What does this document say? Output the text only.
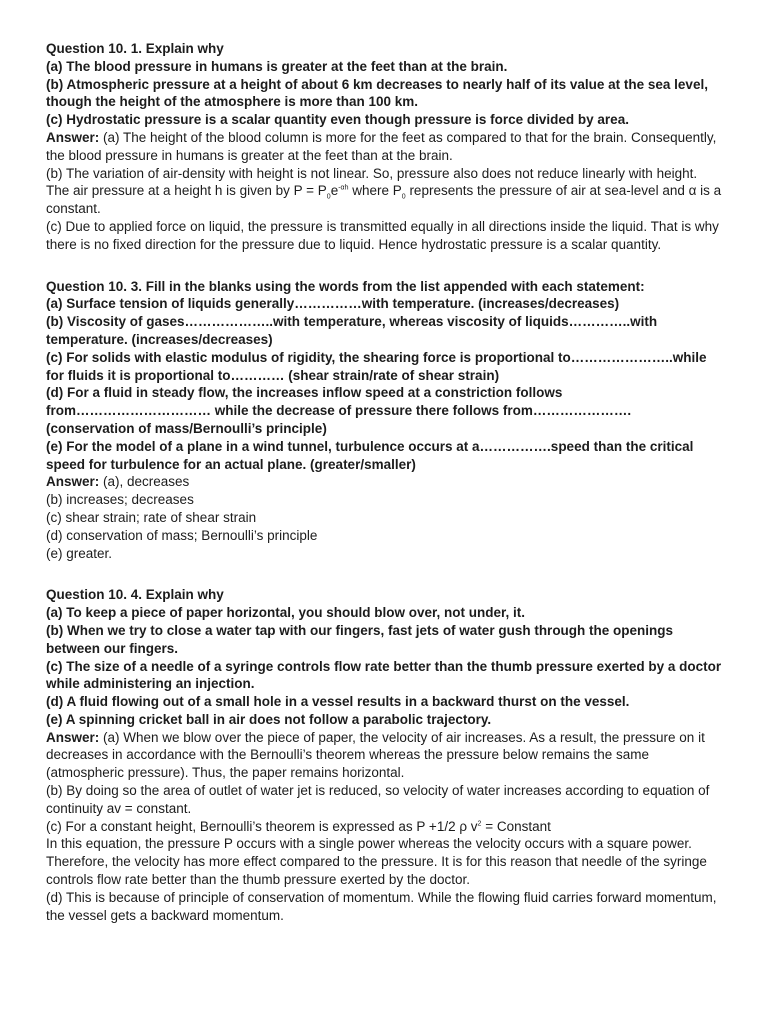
Question 10. 1. Explain why

(a) The blood pressure in humans is greater at the feet than at the brain.

(b) Atmospheric pressure at a height of about 6 km decreases to nearly half of its value at the sea level, though the height of the atmosphere is more than 100 km.

(c) Hydrostatic pressure is a scalar quantity even though pressure is force divided by area.

Answer: (a) The height of the blood column is more for the feet as compared to that for the brain. Consequently, the blood pressure in humans is greater at the feet than at the brain.

(b) The variation of air-density with height is not linear. So, pressure also does not reduce linearly with height. The air pressure at a height h is given by $P = P_0e^{-\alpha h}$ where $P_0$ represents the pressure of air at sea-level and α is a constant.

(c) Due to applied force on liquid, the pressure is transmitted equally in all directions inside the liquid. That is why there is no fixed direction for the pressure due to liquid. Hence hydrostatic pressure is a scalar quantity.

Question 10. 3. Fill in the blanks using the words from the list appended with each statement:

(a) Surface tension of liquids generally……………with temperature. (increases/decreases)

(b) Viscosity of gases………………..with temperature, whereas viscosity of liquids…………..with temperature. (increases/decreases)

(c) For solids with elastic modulus of rigidity, the shearing force is proportional to…………………..while for fluids it is proportional to………… (shear strain/rate of shear strain)

(d) For a fluid in steady flow, the increases inflow speed at a constriction follows from………………………… while the decrease of pressure there follows from…………………. (conservation of mass/Bernoulli’s principle)

(e) For the model of a plane in a wind tunnel, turbulence occurs at a…………….speed than the critical speed for turbulence for an actual plane. (greater/smaller)

Answer: (a), decreases

(b) increases; decreases

(c) shear strain; rate of shear strain

(d) conservation of mass; Bernoulli’s principle

(e) greater.

Question 10. 4. Explain why

(a) To keep a piece of paper horizontal, you should blow over, not under, it.

(b) When we try to close a water tap with our fingers, fast jets of water gush through the openings between our fingers.

(c) The size of a needle of a syringe controls flow rate better than the thumb pressure exerted by a doctor while administering an injection.

(d) A fluid flowing out of a small hole in a vessel results in a backward thurst on the vessel.

(e) A spinning cricket ball in air does not follow a parabolic trajectory.

Answer: (a) When we blow over the piece of paper, the velocity of air increases. As a result, the pressure on it decreases in accordance with the Bernoulli’s theorem whereas the pressure below remains the same (atmospheric pressure). Thus, the paper remains horizontal.

(b) By doing so the area of outlet of water jet is reduced, so velocity of water increases according to equation of continuity av = constant.

(c) For a constant height, Bernoulli’s theorem is expressed as P +1/2 ρ $v^2$ = Constant

In this equation, the pressure P occurs with a single power whereas the velocity occurs with a square power. Therefore, the velocity has more effect compared to the pressure. It is for this reason that needle of the syringe controls flow rate better than the thumb pressure exerted by the doctor.

(d) This is because of principle of conservation of momentum. While the flowing fluid carries forward momentum, the vessel gets a backward momentum.
